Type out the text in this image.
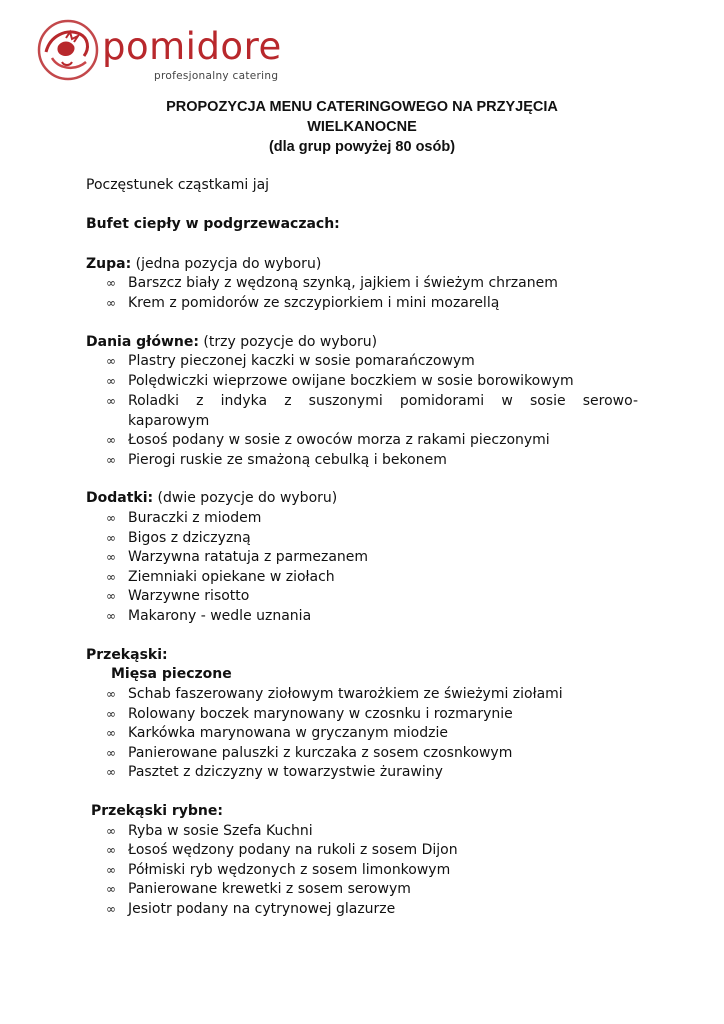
pomidore
profesjonalny catering
PROPOZYCJA MENU CATERINGOWEGO NA PRZYJĘCIA
WIELKANOCNE
(dla grup powyżej 80 osób)
Poczęstunek cząstkami jaj
Bufet ciepły w podgrzewaczach:
Zupa: (jedna pozycja do wyboru)
∞ Barszcz biały z wędzoną szynką, jajkiem i świeżym chrzanem
∞ Krem z pomidorów ze szczypiorkiem i mini mozarellą
Dania główne: (trzy pozycje do wyboru)
∞ Plastry pieczonej kaczki w sosie pomarańczowym
∞ Polędwiczki wieprzowe owijane boczkiem w sosie borowikowym
∞ Roladki z indyka z suszonymi pomidorami w sosie serowo-
kaparowym
∞ Łosoś podany w sosie z owoców morza z rakami pieczonymi
∞ Pierogi ruskie ze smażoną cebulką i bekonem
Dodatki: (dwie pozycje do wyboru)
∞ Buraczki z miodem
∞ Bigos z dziczyzną
∞ Warzywna ratatuja z parmezanem
∞ Ziemniaki opiekane w ziołach
∞ Warzywne risotto
∞ Makarony - wedle uznania
Przekąski:
Mięsa pieczone
∞ Schab faszerowany ziołowym twarożkiem ze świeżymi ziołami
∞ Rolowany boczek marynowany w czosnku i rozmarynie
∞ Karkówka marynowana w gryczanym miodzie
∞ Panierowane paluszki z kurczaka z sosem czosnkowym
∞ Pasztet z dziczyzny w towarzystwie żurawiny
Przekąski rybne:
∞ Ryba w sosie Szefa Kuchni
∞ Łosoś wędzony podany na rukoli z sosem Dijon
∞ Półmiski ryb wędzonych z sosem limonkowym
∞ Panierowane krewetki z sosem serowym
∞ Jesiotr podany na cytrynowej glazurze
